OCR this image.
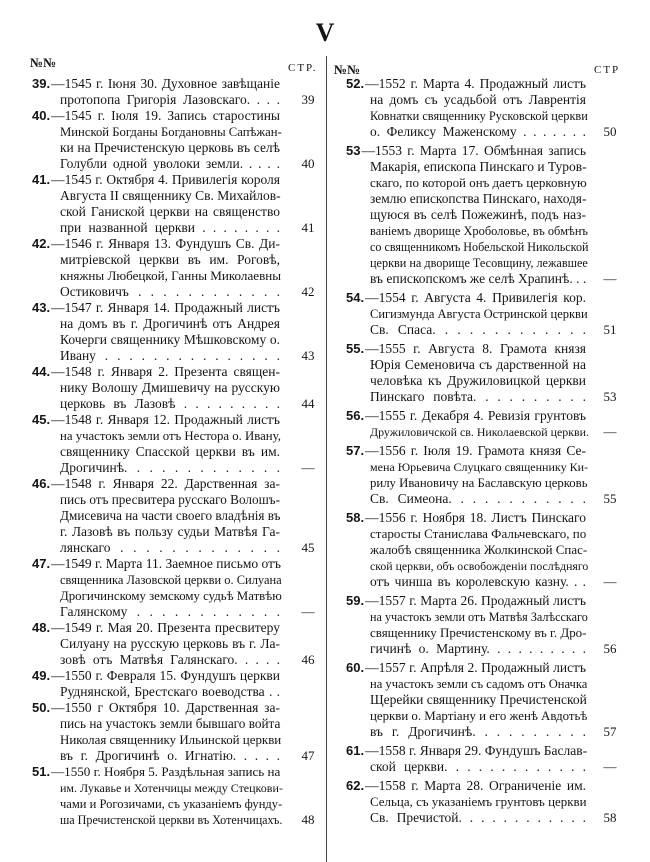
V
№№	СТР. №№	СТР
39.—1545 г. Іюня 30. Духовное завѣщаніе
протопопа Григорія Лазовскаго. . . .	39
40.—1545 г. Іюля 19. Запись старостины
Минской Богданы Богдановны Сапѣжан-
ки на Пречистенскую церковь въ селѣ
Голубли одной уволоки земли. . . . .	40
41.—1545 г. Октября 4. Привилегія короля
Августа II священнику Св. Михайлов-
ской Ганиской церкви на священство
при названной церкви . . . . . . . .	41
42.—1546 г. Января 13. Фундушъ Св. Ди-
митріевской церкви въ им. Роговѣ,
княжны Любецкой, Ганны Миколаевны
Остиковичъ . . . . . . . . . . . .	42
43.—1547 г. Января 14. Продажный листъ
на домъ въ г. Дрогичинѣ отъ Андрея
Кочерги священнику Мѣшковскому о.
Ивану . . . . . . . . . . . . . . .	43
44.—1548 г. Января 2. Презента священ-
нику Волошу Дмишевичу на русскую
церковь въ Лазовѣ . . . . . . . . .	44
45.—1548 г. Января 12. Продажный листъ
на участокъ земли отъ Нестора о. Ивану,
священнику Спасской церкви въ им.
Дрогичинѣ. . . . . . . . . . . . .	—
46.—1548 г. Января 22. Дарственная за-
пись отъ пресвитера русскаго Волошъ-
Дмисевича на части своего владѣнія въ
г. Лазовѣ въ пользу судьи Матвѣя Га-
лянскаго . . . . . . . . . . . . .	45
47.—1549 г. Марта 11. Заемное письмо отъ
священника Лазовской церкви о. Силуана
Дрогичинскому земскому судьѣ Матвѣю
Галянскому . . . . . . . . . . . .	—
48.—1549 г. Мая 20. Презента пресвитеру
Силуану на русскую церковь въ г. Ла-
зовѣ отъ Матвѣя Галянскаго. . . . .	46
49.—1550 г. Февраля 15. Фундушъ церкви
Руднянской, Брестскаго воеводства . .
50.—1550 г Октября 10. Дарственная за-
пись на участокъ земли бывшаго войта
Николая священнику Ильинской церкви
въ г. Дрогичинѣ о. Игнатію. . . . .	47
51.—1550 г. Ноября 5. Раздѣльная запись на
им. Лукавье и Хотенчицы между Стецкови-
чами и Рогозичами, съ указаніемъ фунду-
ша Пречистенской церкви въ Хотенчицахъ.	48
52.—1552 г. Марта 4. Продажный листъ
на домъ съ усадьбой отъ Лаврентія
Ковнатки священнику Русковской церкви
о. Феликсу Маженскому . . . . . . .	50
53—1553 г. Марта 17. Обмѣнная запись
Макарія, епископа Пинскаго и Туров-
скаго, по которой онъ даетъ церковную
землю епископства Пинскаго, находя-
щуюся въ селѣ Пожежинѣ, подъ наз-
ваніемъ дворище Хроболовье, въ обмѣнъ
со священникомъ Нобельской Никольской
церкви на дворище Тесовщину, лежавшее
въ епископскомъ же селѣ Храпинѣ. . .	—
54.—1554 г. Августа 4. Привилегія кор.
Сигизмунда Августа Остринской церкви
Св. Спаса. . . . . . . . . . . . .	51
55.—1555 г. Августа 8. Грамота князя
Юрія Семеновича съ дарственной на
человѣка къ Дружиловицкой церкви
Пинскаго повѣта. . . . . . . . . .	53
56.—1555 г. Декабря 4. Ревизія грунтовъ
Дружиловичской св. Николаевской церкви.	—
57.—1556 г. Іюля 19. Грамота князя Се-
мена Юрьевича Слуцкаго священнику Ки-
рилу Ивановичу на Баславскую церковь
Св. Симеона. . . . . . . . . . . .	55
58.—1556 г. Ноября 18. Листъ Пинскаго
старосты Станислава Фальчевскаго, по
жалобѣ священника Жолкинской Спас-
ской церкви, объ освобожденіи послѣдняго
отъ чинша въ королевскую казну. . .	—
59.—1557 г. Марта 26. Продажный листъ
на участокъ земли отъ Матвѣя Залѣсскаго
священнику Пречистенскому въ г. Дро-
гичинѣ о. Мартину. . . . . . . . . .	56
60.—1557 г. Апрѣля 2. Продажный листъ
на участокъ земли съ садомъ отъ Оначка
Щерейки священнику Пречистенской
церкви о. Мартіану и его женѣ Авдотьѣ
въ г. Дрогичинѣ. . . . . . . . . .	57
61.—1558 г. Января 29. Фундушъ Баслав-
ской церкви. . . . . . . . . . . . .	—
62.—1558 г. Марта 28. Ограниченіе им.
Сельца, съ указаніемъ грунтовъ церкви
Св. Пречистой. . . . . . . . . . . .	58
